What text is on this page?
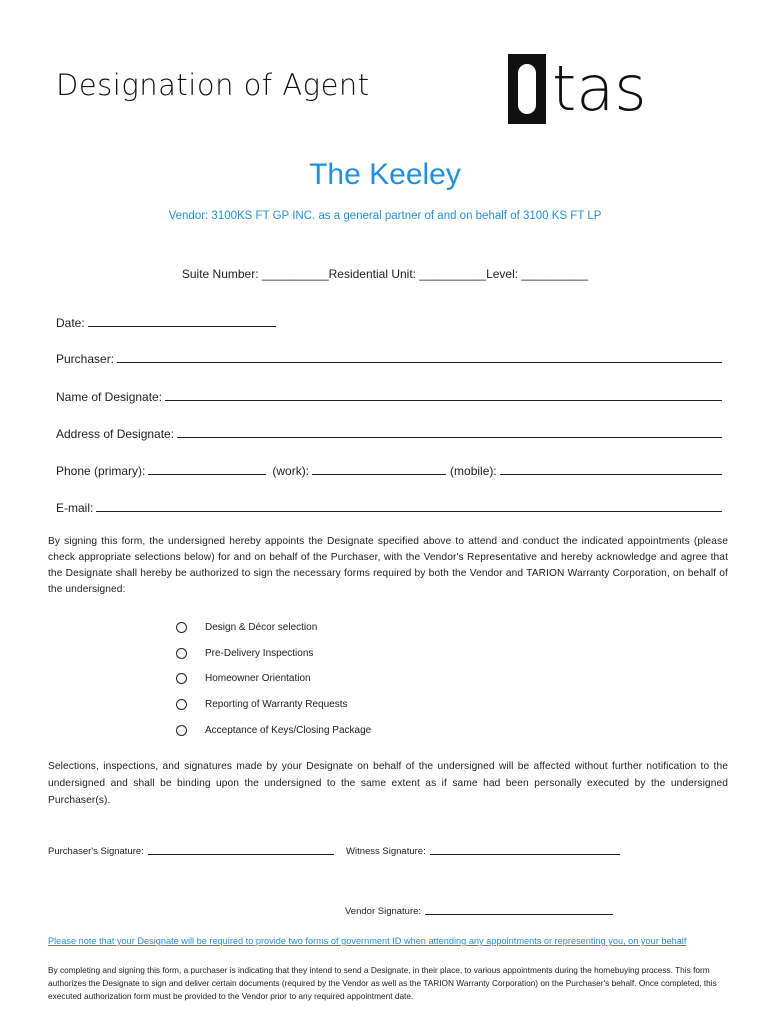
Designation of Agent	tas
The Keeley
Vendor: 3100KS FT GP INC. as a general partner of and on behalf of 3100 KS FT LP
Suite Number: __________Residential Unit: __________Level: __________
Date:
Purchaser:
Name of Designate:
Address of Designate:
Phone (primary):	(work):	(mobile):
E-mail:
By signing this form, the undersigned hereby appoints the Designate specified above to attend and conduct the indicated appointments (please check appropriate selections below) for and on behalf of the Purchaser, with the Vendor's Representative and hereby acknowledge and agree that the Designate shall hereby be authorized to sign the necessary forms required by both the Vendor and TARION Warranty Corporation, on behalf of the undersigned:
Design & Décor selection
Pre-Delivery Inspections
Homeowner Orientation
Reporting of Warranty Requests
Acceptance of Keys/Closing Package
Selections, inspections, and signatures made by your Designate on behalf of the undersigned will be affected without further notification to the undersigned and shall be binding upon the undersigned to the same extent as if same had been personally executed by the undersigned Purchaser(s).
Purchaser's Signature:	Witness Signature:
Vendor Signature:
Please note that your Designate will be required to provide two forms of government ID when attending any appointments or representing you, on your behalf
By completing and signing this form, a purchaser is indicating that they intend to send a Designate, in their place, to various appointments during the homebuying process. This form authorizes the Designate to sign and deliver certain documents (required by the Vendor as well as the TARION Warranty Corporation) on the Purchaser's behalf. Once completed, this executed authorization form must be provided to the Vendor prior to any required appointment date.
